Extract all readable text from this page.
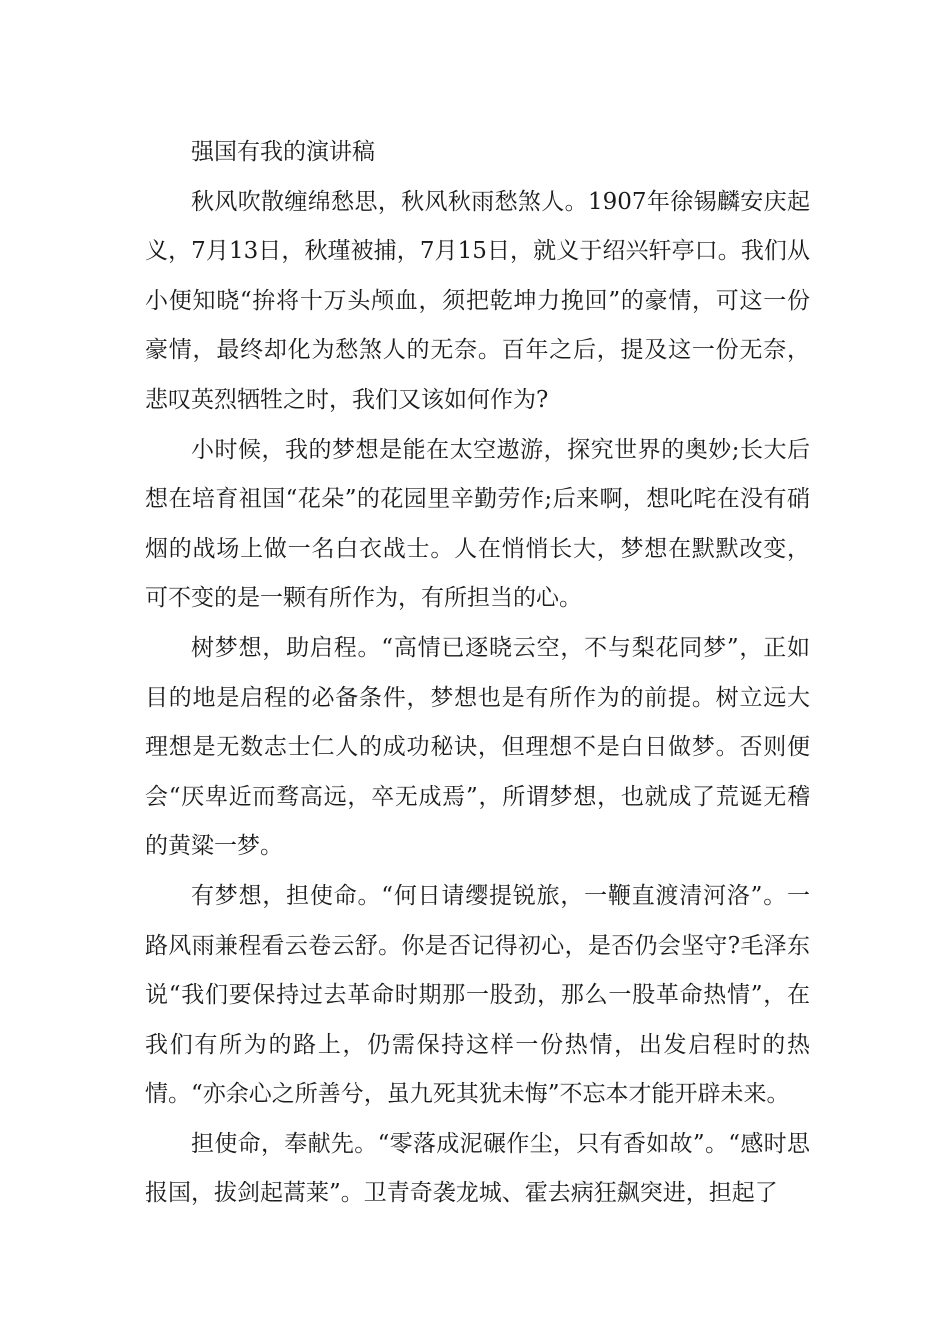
强国有我的演讲稿

秋风吹散缠绵愁思，秋风秋雨愁煞人。1907年徐锡麟安庆起义，7月13日，秋瑾被捕，7月15日，就义于绍兴轩亭口。我们从小便知晓“拚将十万头颅血，须把乾坤力挽回”的豪情，可这一份豪情，最终却化为愁煞人的无奈。百年之后，提及这一份无奈，悲叹英烈牺牲之时，我们又该如何作为?

小时候，我的梦想是能在太空遨游，探究世界的奥妙;长大后想在培育祖国“花朵”的花园里辛勤劳作;后来啊，想叱咤在没有硝烟的战场上做一名白衣战士。人在悄悄长大，梦想在默默改变，可不变的是一颗有所作为，有所担当的心。

树梦想，助启程。“高情已逐晓云空，不与梨花同梦”，正如目的地是启程的必备条件，梦想也是有所作为的前提。树立远大理想是无数志士仁人的成功秘诀，但理想不是白日做梦。否则便会“厌卑近而骛高远，卒无成焉”，所谓梦想，也就成了荒诞无稽的黄粱一梦。

有梦想，担使命。“何日请缨提锐旅，一鞭直渡清河洛”。一路风雨兼程看云卷云舒。你是否记得初心，是否仍会坚守?毛泽东说“我们要保持过去革命时期那一股劲，那么一股革命热情”，在我们有所为的路上，仍需保持这样一份热情，出发启程时的热情。“亦余心之所善兮，虽九死其犹未悔”不忘本才能开辟未来。

担使命，奉献先。“零落成泥碾作尘，只有香如故”。“感时思报国，拔剑起蒿莱”。卫青奇袭龙城、霍去病狂飙突进，担起了
